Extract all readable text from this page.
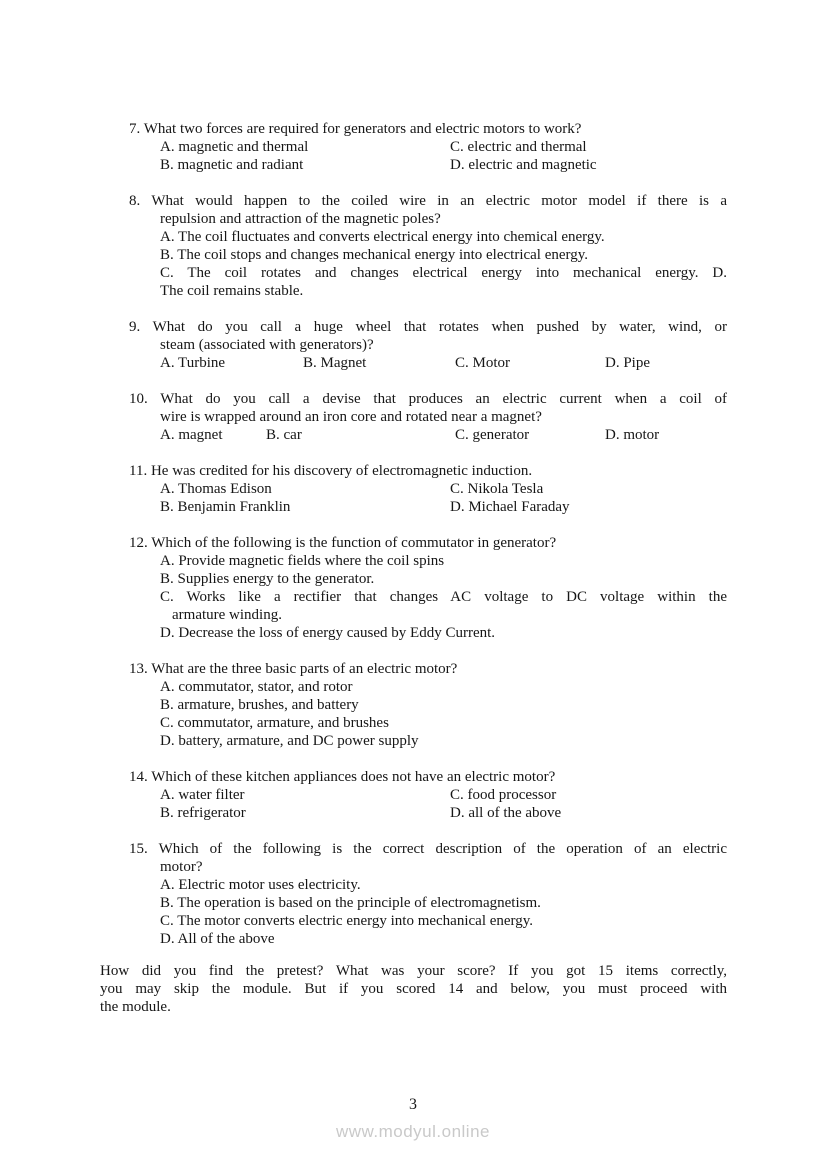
7. What two forces are required for generators and electric motors to work?
A. magnetic and thermal	C. electric and thermal
B. magnetic and radiant	D. electric and magnetic
8. What would happen to the coiled wire in an electric motor model if there is a
repulsion and attraction of the magnetic poles?
A. The coil fluctuates and converts electrical energy into chemical energy.
B. The coil stops and changes mechanical energy into electrical energy.
C. The coil rotates and changes electrical energy into mechanical energy. D.
The coil remains stable.
9. What do you call a huge wheel that rotates when pushed by water, wind, or
steam (associated with generators)?
A. Turbine	B. Magnet	C. Motor	D. Pipe
10. What do you call a devise that produces an electric current when a coil of
wire is wrapped around an iron core and rotated near a magnet?
A. magnet	B. car	C. generator	D. motor
11. He was credited for his discovery of electromagnetic induction.
A. Thomas Edison	C. Nikola Tesla
B. Benjamin Franklin	D. Michael Faraday
12. Which of the following is the function of commutator in generator?
A. Provide magnetic fields where the coil spins
B. Supplies energy to the generator.
C. Works like a rectifier that changes AC voltage to DC voltage within the
armature winding.
D. Decrease the loss of energy caused by Eddy Current.
13. What are the three basic parts of an electric motor?
A. commutator, stator, and rotor
B. armature, brushes, and battery
C. commutator, armature, and brushes
D. battery, armature, and DC power supply
14. Which of these kitchen appliances does not have an electric motor?
A. water filter	C. food processor
B. refrigerator	D. all of the above
15. Which of the following is the correct description of the operation of an electric
motor?
A. Electric motor uses electricity.
B. The operation is based on the principle of electromagnetism.
C. The motor converts electric energy into mechanical energy.
D. All of the above
How did you find the pretest? What was your score? If you got 15 items correctly,
you may skip the module. But if you scored 14 and below, you must proceed with
the module.
3
www.modyul.online
